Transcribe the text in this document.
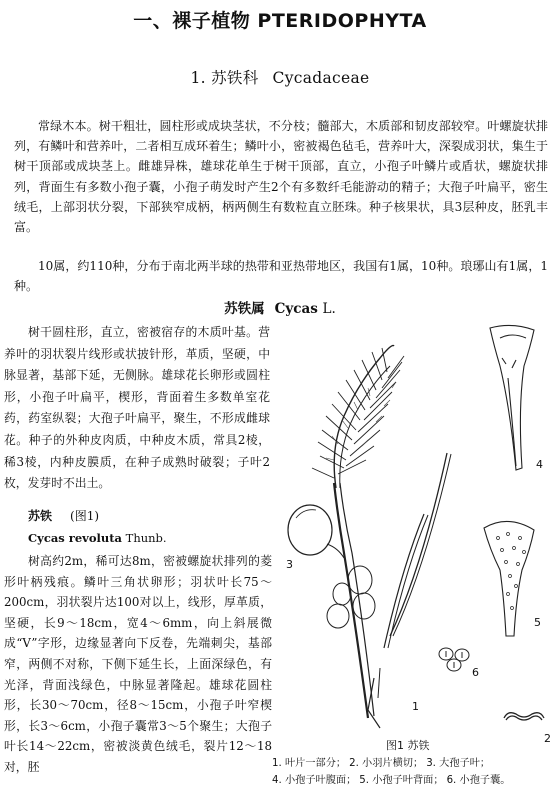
一、裸子植物 PTERIDOPHYTA
1. 苏铁科 Cycadaceae

常绿木本。树干粗壮，圆柱形或成块茎状，不分枝；髓部大，木质部和韧皮部较窄。叶螺旋状排列，有鳞叶和营养叶，二者相互成环着生；鳞叶小，密被褐色毡毛，营养叶大，深裂成羽状，集生于树干顶部或成块茎上。雌雄异株，雄球花单生于树干顶部，直立，小孢子叶鳞片或盾状，螺旋状排列，背面生有多数小孢子囊，小孢子萌发时产生2个有多数纤毛能游动的精子；大孢子叶扁平，密生绒毛，上部羽状分裂，下部狭窄成柄，柄两侧生有数粒直立胚珠。种子核果状，具3层种皮，胚乳丰富。

10属，约110种，分布于南北两半球的热带和亚热带地区，我国有1属，10种。琅琊山有1属，1种。

苏铁属 Cycas L.

树干圆柱形，直立，密被宿存的木质叶基。营养叶的羽状裂片线形或状披针形，革质，坚硬，中脉显著，基部下延，无侧脉。雄球花长卵形或圆柱形，小孢子叶扁平，楔形，背面着生多数单室花药，药室纵裂；大孢子叶扁平，聚生，不形成雌球花。种子的外种皮肉质，中种皮木质，常具2棱，稀3棱，内种皮膜质，在种子成熟时破裂；子叶2枚，发芽时不出土。

苏铁 (图1)
Cycas revoluta Thunb.

树高约2m，稀可达8m，密被螺旋状排列的菱形叶柄残痕。鳞叶三角状卵形；羽状叶长75～200cm，羽状裂片达100对以上，线形，厚革质，坚硬，长9～18cm，宽4～6mm，向上斜展微成“V”字形，边缘显著向下反卷，先端刺尖，基部窄，两侧不对称，下侧下延生长，上面深绿色，有光泽，背面浅绿色，中脉显著隆起。雄球花圆柱形，长30～70cm，径8～15cm，小孢子叶窄楔形，长3～6cm，小孢子囊常3～5个聚生；大孢子叶长14～22cm，密被淡黄色绒毛，裂片12～18对，胚

1
2
3
4
5
6
图1 苏铁
1. 叶片一部分； 2. 小羽片横切； 3. 大孢子叶；
4. 小孢子叶腹面； 5. 小孢子叶背面； 6. 小孢子囊。
